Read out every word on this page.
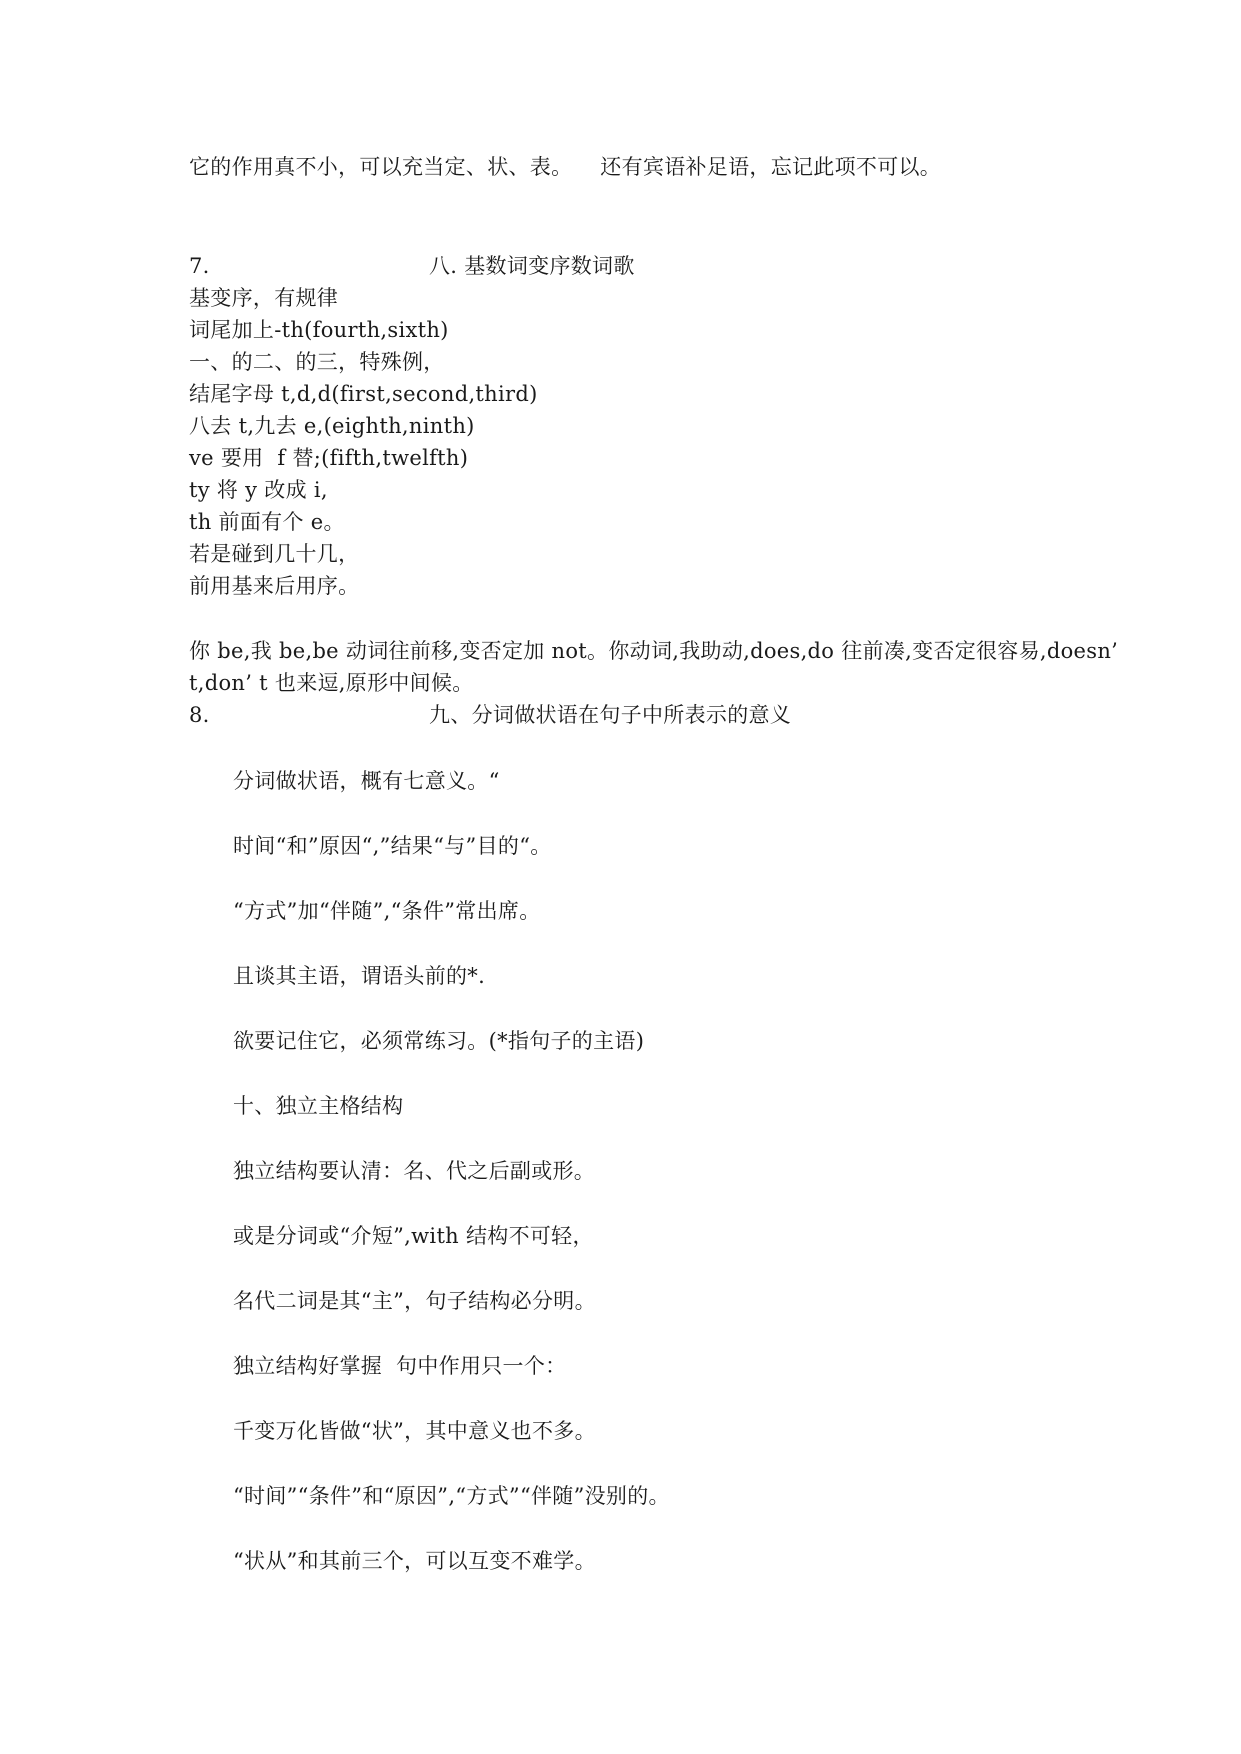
它的作用真不小，可以充当定、状、表。    还有宾语补足语，忘记此项不可以。
7.	八. 基数词变序数词歌
基变序，有规律
词尾加上-th(fourth,sixth)
一、的二、的三，特殊例，
结尾字母 t,d,d(first,second,third)
八去 t,九去 e,(eighth,ninth)
ve 要用  f 替;(fifth,twelfth)
ty 将 y 改成 i,
th 前面有个 e。
若是碰到几十几，
前用基来后用序。
你 be,我 be,be 动词往前移,变否定加 not。你动词,我助动,does,do 往前凑,变否定很容易,doesn’
t,don’ t 也来逗,原形中间候。
8.	九、分词做状语在句子中所表示的意义
分词做状语，概有七意义。“
时间“和”原因“,”结果“与”目的“。
“方式”加“伴随”,“条件”常出席。
且谈其主语，谓语头前的*.
欲要记住它，必须常练习。(*指句子的主语)
十、独立主格结构
独立结构要认清：名、代之后副或形。
或是分词或“介短”,with 结构不可轻，
名代二词是其“主”，句子结构必分明。
独立结构好掌握  句中作用只一个：
千变万化皆做“状”，其中意义也不多。
“时间”“条件”和“原因”,“方式”“伴随”没别的。
“状从”和其前三个，可以互变不难学。
